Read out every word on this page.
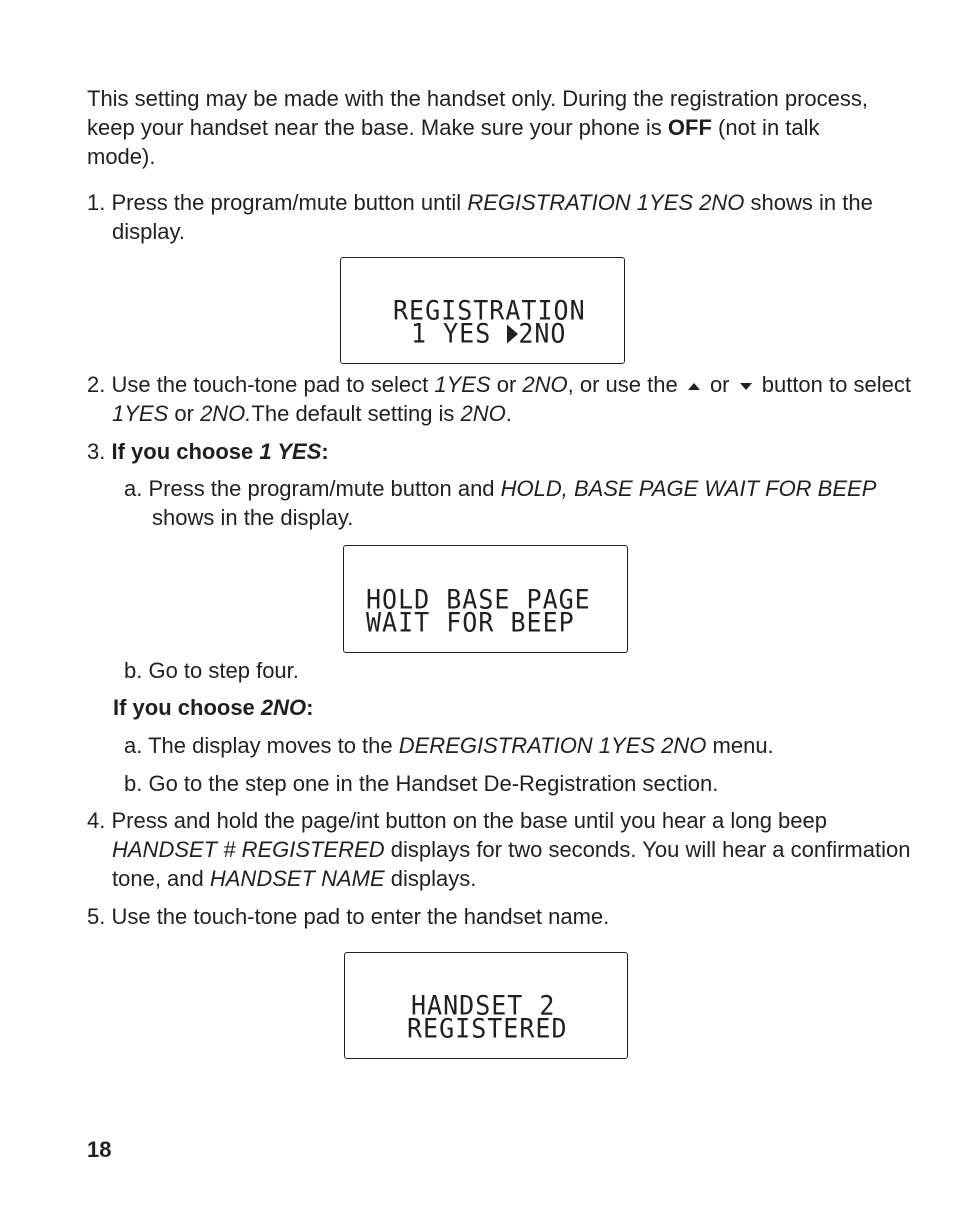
This setting may be made with the handset only. During the registration process, keep your handset near the base. Make sure your phone is OFF (not in talk mode).
1. Press the program/mute button until REGISTRATION 1YES 2NO shows in the display.
REGISTRATION
1 YES 2NO
2. Use the touch-tone pad to select 1YES or 2NO, or use the  or  button to select 1YES or 2NO.The default setting is 2NO.
3. If you choose 1 YES:
a. Press the program/mute button and HOLD, BASE PAGE WAIT FOR BEEP shows in the display.
HOLD BASE PAGE
WAIT FOR BEEP
b. Go to step four.
If you choose 2NO:
a. The display moves to the DEREGISTRATION 1YES 2NO menu.
b. Go to the step one in the Handset De-Registration section.
4. Press and hold the page/int button on the base until you hear a long beep HANDSET # REGISTERED displays for two seconds. You will hear a confirmation tone, and HANDSET NAME displays.
5. Use the touch-tone pad to enter the handset name.
HANDSET 2
REGISTERED
18
